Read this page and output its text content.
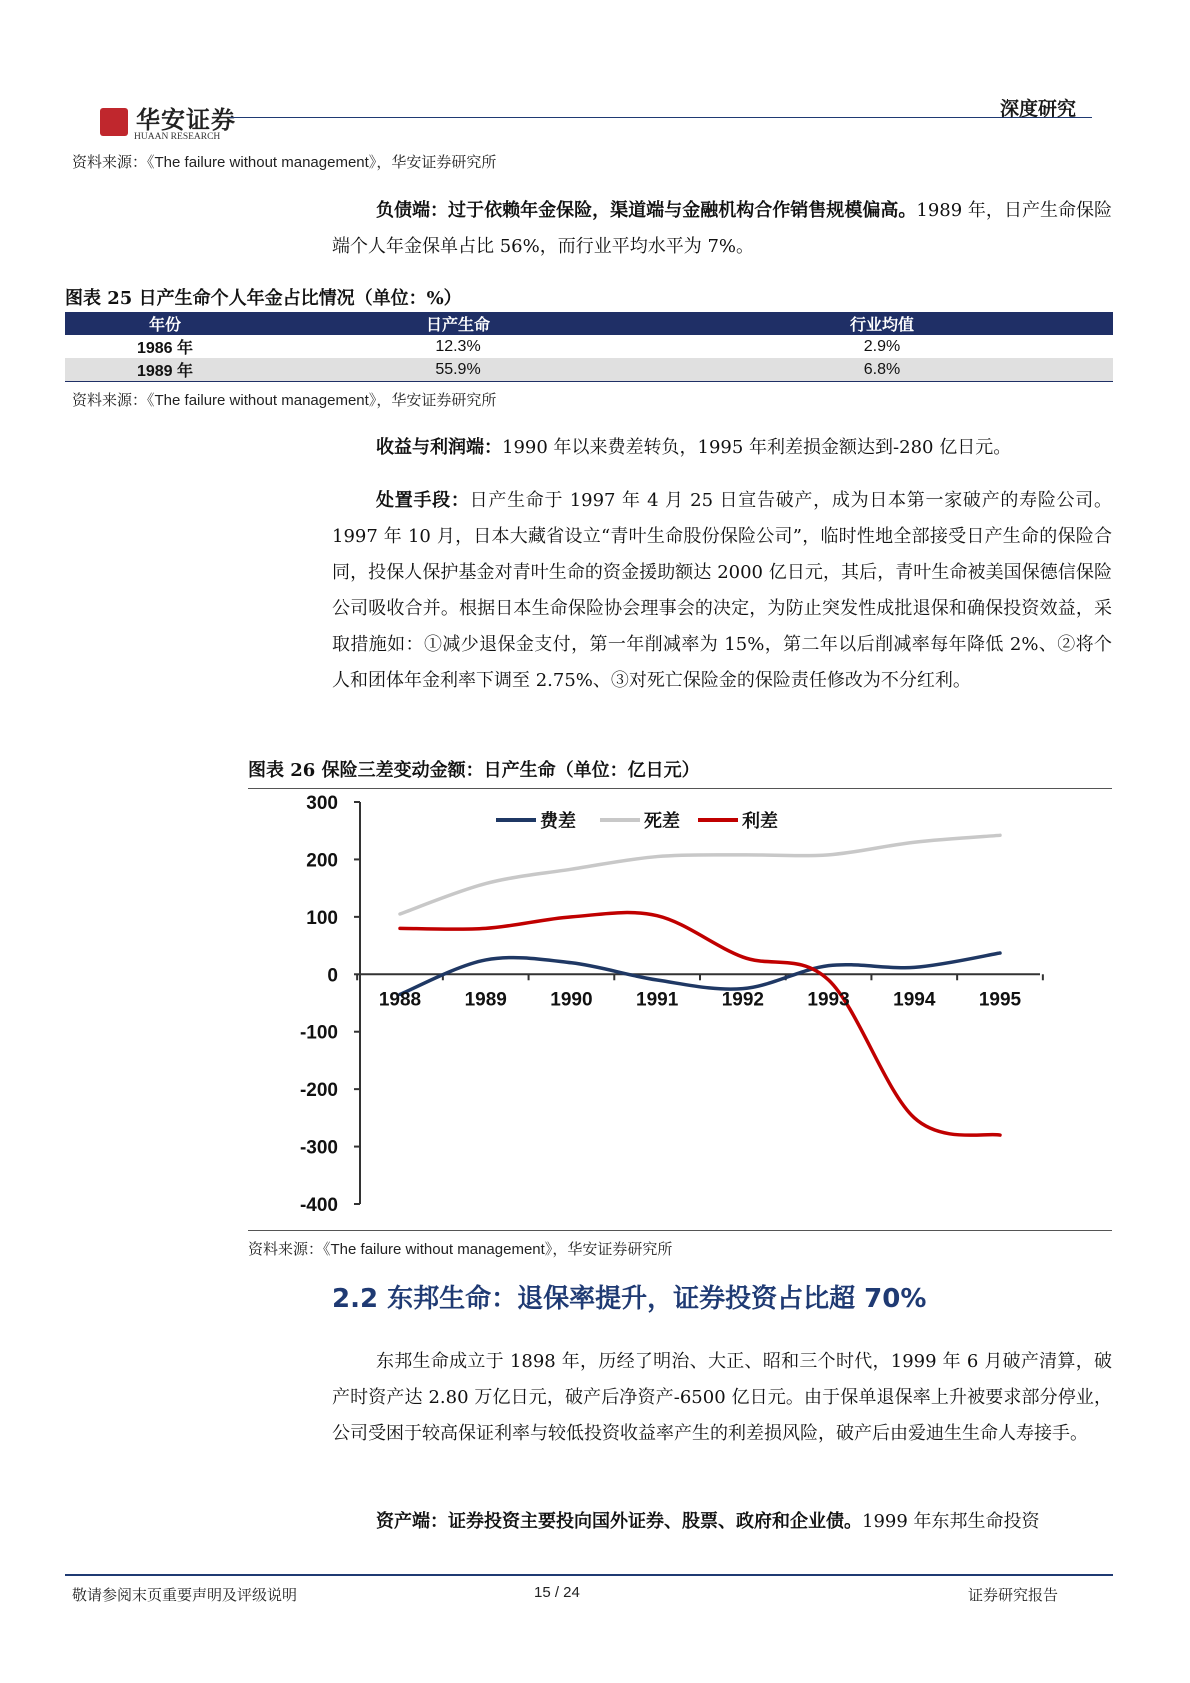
华安证券
HUAAN RESEARCH
深度研究
资料来源：《The failure without management》，华安证券研究所
负债端：过于依赖年金保险，渠道端与金融机构合作销售规模偏高。1989 年，日产生命保险端个人年金保单占比 56%，而行业平均水平为 7%。
图表 25 日产生命个人年金占比情况（单位：%）
年份	日产生命	行业均值
1986 年	12.3%	2.9%
1989 年	55.9%	6.8%
资料来源：《The failure without management》，华安证券研究所
收益与利润端：1990 年以来费差转负，1995 年利差损金额达到-280 亿日元。
处置手段：日产生命于 1997 年 4 月 25 日宣告破产，成为日本第一家破产的寿险公司。1997 年 10 月，日本大藏省设立“青叶生命股份保险公司”，临时性地全部接受日产生命的保险合同，投保人保护基金对青叶生命的资金援助额达 2000 亿日元，其后，青叶生命被美国保德信保险公司吸收合并。根据日本生命保险协会理事会的决定，为防止突发性成批退保和确保投资效益，采取措施如：①减少退保金支付，第一年削减率为 15%，第二年以后削减率每年降低 2%、②将个人和团体年金利率下调至 2.75%、③对死亡保险金的保险责任修改为不分红利。
图表 26 保险三差变动金额：日产生命（单位：亿日元）
300
200
100
0
-100
-200
-300
-400
1988 1989 1990 1991 1992 1993 1994 1995
费差	死差	利差
资料来源：《The failure without management》，华安证券研究所
2.2 东邦生命：退保率提升，证券投资占比超 70%
东邦生命成立于 1898 年，历经了明治、大正、昭和三个时代，1999 年 6 月破产清算，破产时资产达 2.80 万亿日元，破产后净资产-6500 亿日元。由于保单退保率上升被要求部分停业，公司受困于较高保证利率与较低投资收益率产生的利差损风险，破产后由爱迪生生命人寿接手。
资产端：证券投资主要投向国外证券、股票、政府和企业债。1999 年东邦生命投资
敬请参阅末页重要声明及评级说明	15 / 24	证券研究报告
